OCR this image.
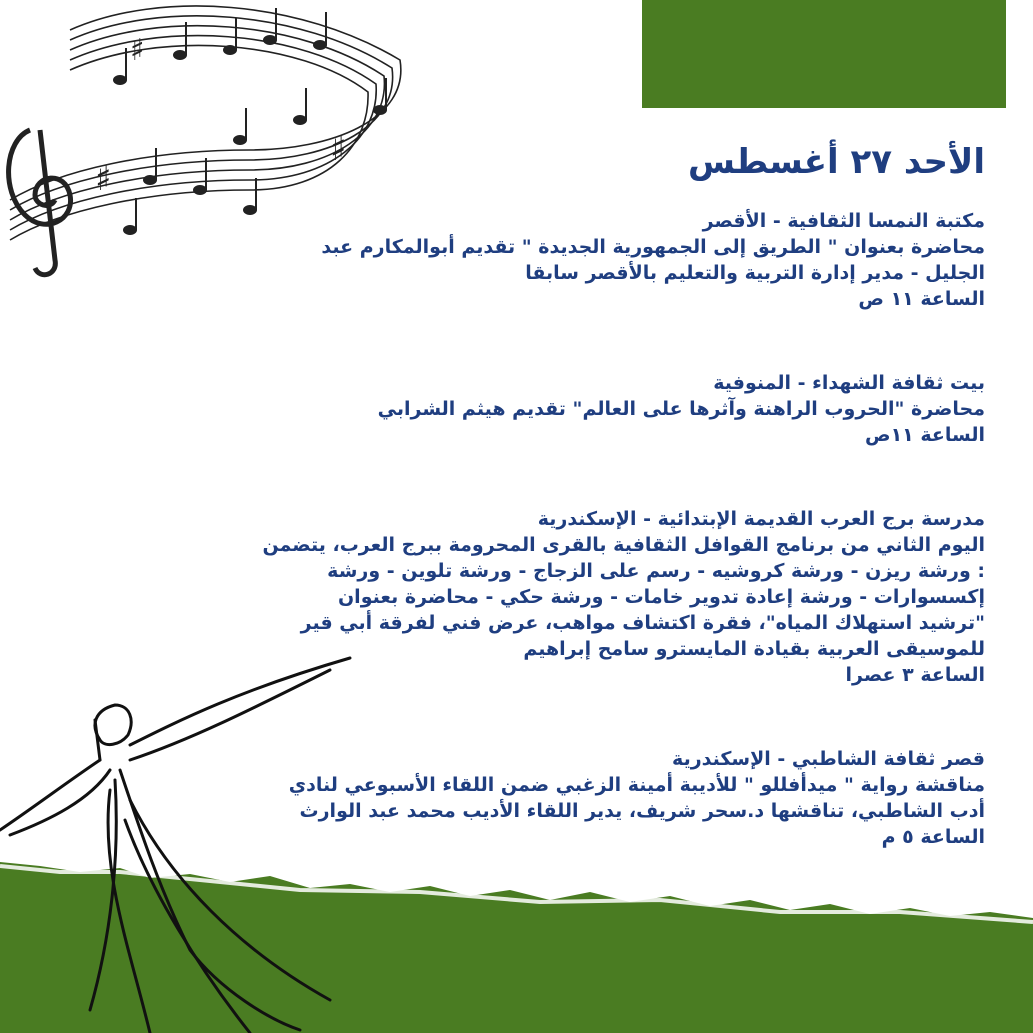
♯
♯
♯
الأحد ٢٧ أغسطس

مكتبة النمسا الثقافية - الأقصر

محاضرة بعنوان " الطريق إلى الجمهورية الجديدة " تقديم أبوالمكارم عبد

الجليل - مدير إدارة التربية والتعليم بالأقصر سابقا

الساعة ١١ ص

بيت ثقافة الشهداء - المنوفية

محاضرة "الحروب الراهنة وآثرها على العالم" تقديم هيثم الشرابي

الساعة ١١ص

مدرسة برج العرب القديمة الإبتدائية - الإسكندرية

اليوم الثاني من برنامج القوافل الثقافية بالقرى المحرومة ببرج العرب، يتضمن

: ورشة ريزن - ورشة كروشيه - رسم على الزجاج - ورشة تلوين - ورشة

إكسسوارات - ورشة إعادة تدوير خامات - ورشة حكي - محاضرة بعنوان

"ترشيد استهلاك المياه"، فقرة اكتشاف مواهب، عرض فني لفرقة أبي قير

للموسيقى العربية بقيادة المايسترو سامح إبراهيم

الساعة ٣ عصرا

قصر ثقافة الشاطبي - الإسكندرية

مناقشة رواية " ميدأفللو " للأديبة أمينة الزغبي ضمن اللقاء الأسبوعي لنادي

أدب الشاطبي، تناقشها د.سحر شريف، يدير اللقاء الأديب محمد عبد الوارث

الساعة ٥ م
